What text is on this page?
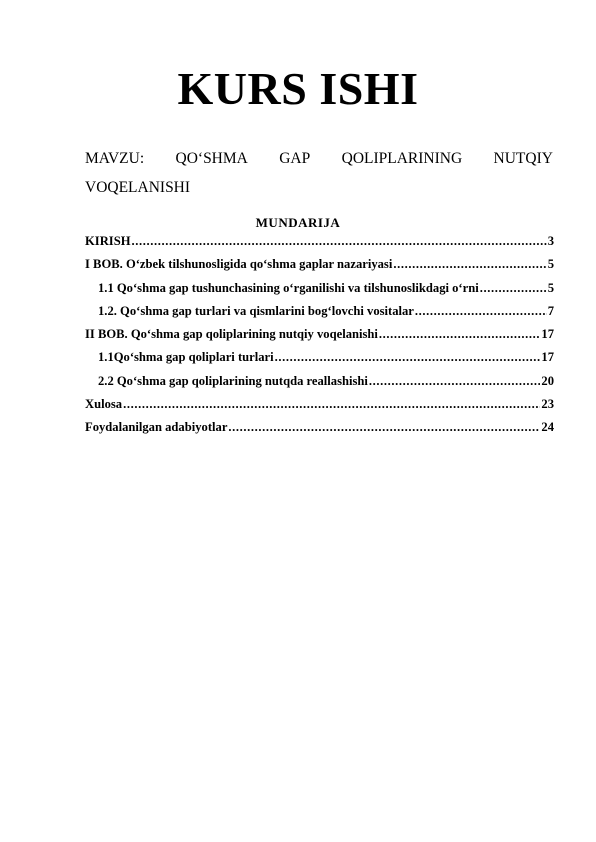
KURS ISHI
MAVZU: QO‘SHMA GAP QOLIPLARINING NUTQIY
VOQELANISHI
MUNDARIJA
KIRISH .....	3
I BOB. O‘zbek tilshunosligida qo‘shma gaplar nazariyasi .....	5
1.1 Qo‘shma gap tushunchasining o‘rganilishi va tilshunoslikdagi o‘rni .....	5
1.2. Qo‘shma gap turlari va qismlarini bog‘lovchi vositalar .....	7
II BOB. Qo‘shma gap qoliplarining nutqiy voqelanishi .....	17
1.1Qo‘shma gap qoliplari turlari .....	17
2.2 Qo‘shma gap qoliplarining nutqda reallashishi .....	20
Xulosa .....	23
Foydalanilgan adabiyotlar .....	24
